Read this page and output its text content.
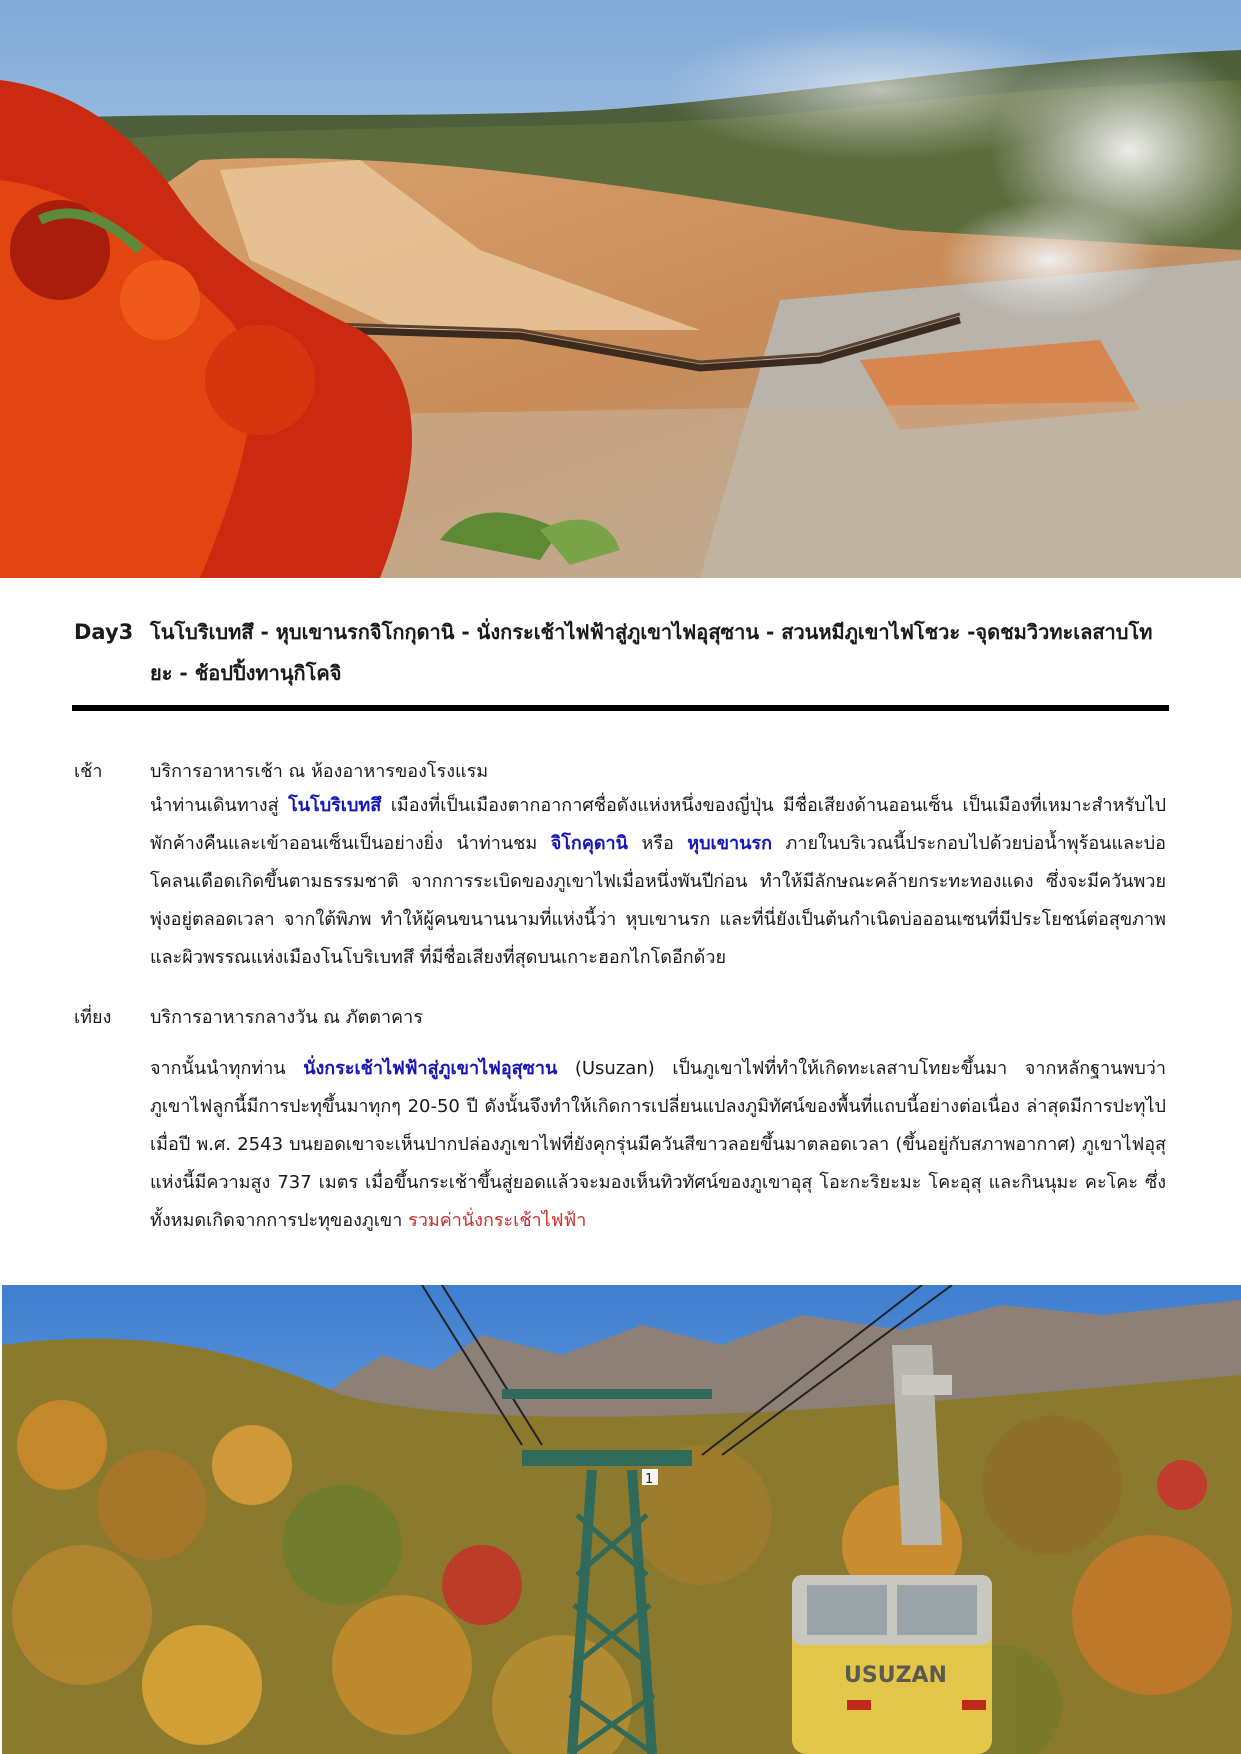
Day3 โนโบริเบทสึ - หุบเขานรกจิโกกุดานิ - นั่งกระเช้าไฟฟ้าสู่ภูเขาไฟอุสุซาน - สวนหมีภูเขาไฟโชวะ -จุดชมวิวทะเลสาบโทยะ - ช้อปปิ้งทานุกิโคจิ
เช้า	บริการอาหารเช้า ณ ห้องอาหารของโรงแรม

นำท่านเดินทางสู่ โนโบริเบทสึ เมืองที่เป็นเมืองตากอากาศชื่อดังแห่งหนึ่งของญี่ปุ่น มีชื่อเสียงด้านออนเซ็น เป็นเมืองที่เหมาะสำหรับไปพักค้างคืนและเข้าออนเซ็นเป็นอย่างยิ่ง นำท่านชม จิโกคุดานิ หรือ หุบเขานรก ภายในบริเวณนี้ประกอบไปด้วยบ่อน้ำพุร้อนและบ่อโคลนเดือดเกิดขึ้นตามธรรมชาติ จากการระเบิดของภูเขาไฟเมื่อหนึ่งพันปีก่อน ทำให้มีลักษณะคล้ายกระทะทองแดง ซึ่งจะมีควันพวยพุ่งอยู่ตลอดเวลา จากใต้พิภพ ทำให้ผู้คนขนานนามที่แห่งนี้ว่า หุบเขานรก และที่นี่ยังเป็นต้นกำเนิดบ่อออนเซนที่มีประโยชน์ต่อสุขภาพและผิวพรรณแห่งเมืองโนโบริเบทสึ ที่มีชื่อเสียงที่สุดบนเกาะฮอกไกโดอีกด้วย

เที่ยง บริการอาหารกลางวัน ณ ภัตตาคาร

จากนั้นนำทุกท่าน นั่งกระเช้าไฟฟ้าสู่ภูเขาไฟอุสุซาน (Usuzan) เป็นภูเขาไฟที่ทำให้เกิดทะเลสาบโทยะขึ้นมา จากหลักฐานพบว่า ภูเขาไฟลูกนี้มีการปะทุขึ้นมาทุกๆ 20-50 ปี ดังนั้นจึงทำให้เกิดการเปลี่ยนแปลงภูมิทัศน์ของพื้นที่แถบนี้อย่างต่อเนื่อง ล่าสุดมีการปะทุไปเมื่อปี พ.ศ. 2543 บนยอดเขาจะเห็นปากปล่องภูเขาไฟที่ยังคุกรุ่นมีควันสีขาวลอยขึ้นมาตลอดเวลา (ขึ้นอยู่กับสภาพอากาศ) ภูเขาไฟอุสุแห่งนี้มีความสูง 737 เมตร เมื่อขึ้นกระเช้าขึ้นสู่ยอดแล้วจะมองเห็นทิวทัศน์ของภูเขาอุสุ โอะกะริยะมะ โคะอุสุ และกินนุมะ คะโคะ ซึ่งทั้งหมดเกิดจากการปะทุของภูเขา รวมค่านั่งกระเช้าไฟฟ้า

1
USUZAN
